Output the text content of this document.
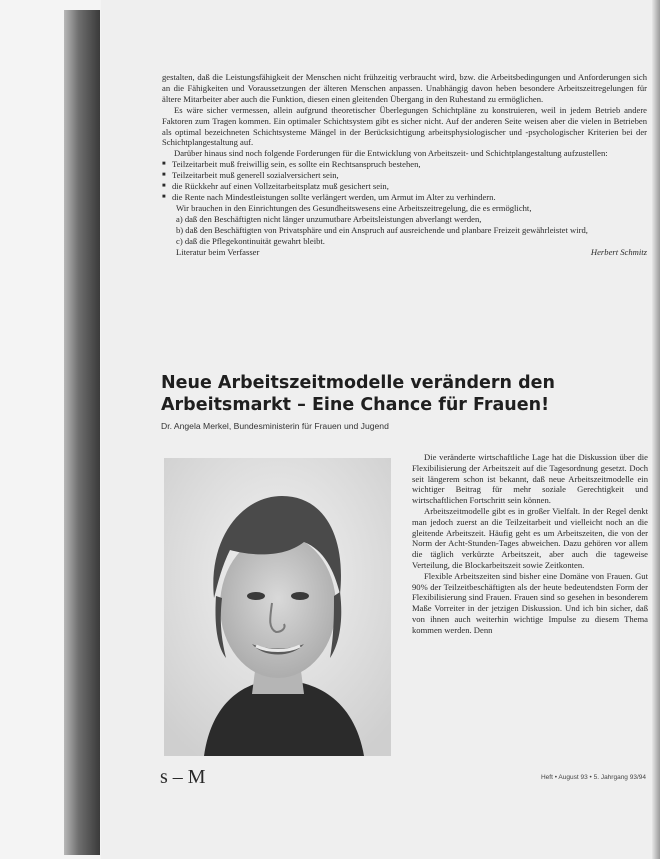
gestalten, daß die Leistungsfähigkeit der Menschen nicht frühzeitig verbraucht wird, bzw. die Arbeitsbedingungen und Anforderungen sich an die Fähigkeiten und Voraussetzungen der älteren Menschen anpassen. Unabhängig davon heben besondere Arbeitszeitregelungen für ältere Mitarbeiter aber auch die Funktion, diesen einen gleitenden Übergang in den Ruhestand zu ermöglichen.

Es wäre sicher vermessen, allein aufgrund theoretischer Überlegungen Schichtpläne zu konstruieren, weil in jedem Betrieb andere Faktoren zum Tragen kommen. Ein optimaler Schichtsystem gibt es sicher nicht. Auf der anderen Seite weisen aber die vielen in Betrieben als optimal bezeichneten Schichtsysteme Mängel in der Berücksichtigung arbeitsphysiologischer und -psychologischer Kriterien bei der Schichtplangestaltung auf.

Darüber hinaus sind noch folgende Forderungen für die Entwicklung von Arbeitszeit- und Schichtplangestaltung aufzustellen:

■ Teilzeitarbeit muß freiwillig sein, es sollte ein Rechtsanspruch bestehen,
■ Teilzeitarbeit muß generell sozialversichert sein,
■ die Rückkehr auf einen Vollzeitarbeitsplatz muß gesichert sein,
■ die Rente nach Mindestleistungen sollte verlängert werden, um Armut im Alter zu verhindern.

Wir brauchen in den Einrichtungen des Gesundheitswesens eine Arbeitszeitregelung, die es ermöglicht,

a) daß den Beschäftigten nicht länger unzumutbare Arbeitsleistungen abverlangt werden,

b) daß den Beschäftigten von Privatsphäre und ein Anspruch auf ausreichende und planbare Freizeit gewährleistet wird,

c) daß die Pflegekontinuität gewahrt bleibt.

Literatur beim Verfasser	Herbert Schmitz
Neue Arbeitszeitmodelle verändern den Arbeitsmarkt – Eine Chance für Frauen!
Dr. Angela Merkel, Bundesministerin für Frauen und Jugend

Die veränderte wirtschaftliche Lage hat die Diskussion über die Flexibilisierung der Arbeitszeit auf die Tagesordnung gesetzt. Doch seit längerem schon ist bekannt, daß neue Arbeitszeitmodelle ein wichtiger Beitrag für mehr soziale Gerechtigkeit und wirtschaftlichen Fortschritt sein können.

Arbeitszeitmodelle gibt es in großer Vielfalt. In der Regel denkt man jedoch zuerst an die Teilzeitarbeit und vielleicht noch an die gleitende Arbeitszeit. Häufig geht es um Arbeitszeiten, die von der Norm der Acht-Stunden-Tages abweichen. Dazu gehören vor allem die täglich verkürzte Arbeitszeit, aber auch die tageweise Verteilung, die Blockarbeitszeit sowie Zeitkonten.

Flexible Arbeitszeiten sind bisher eine Domäne von Frauen. Gut 90% der Teilzeitbeschäftigten als der heute bedeutendsten Form der Flexibilisierung sind Frauen. Frauen sind so gesehen in besonderem Maße Vorreiter in der jetzigen Diskussion. Und ich bin sicher, daß von ihnen auch weiterhin wichtige Impulse zu diesem Thema kommen werden. Denn

s – M	Heft • August 93 • 5. Jahrgang 93/94
